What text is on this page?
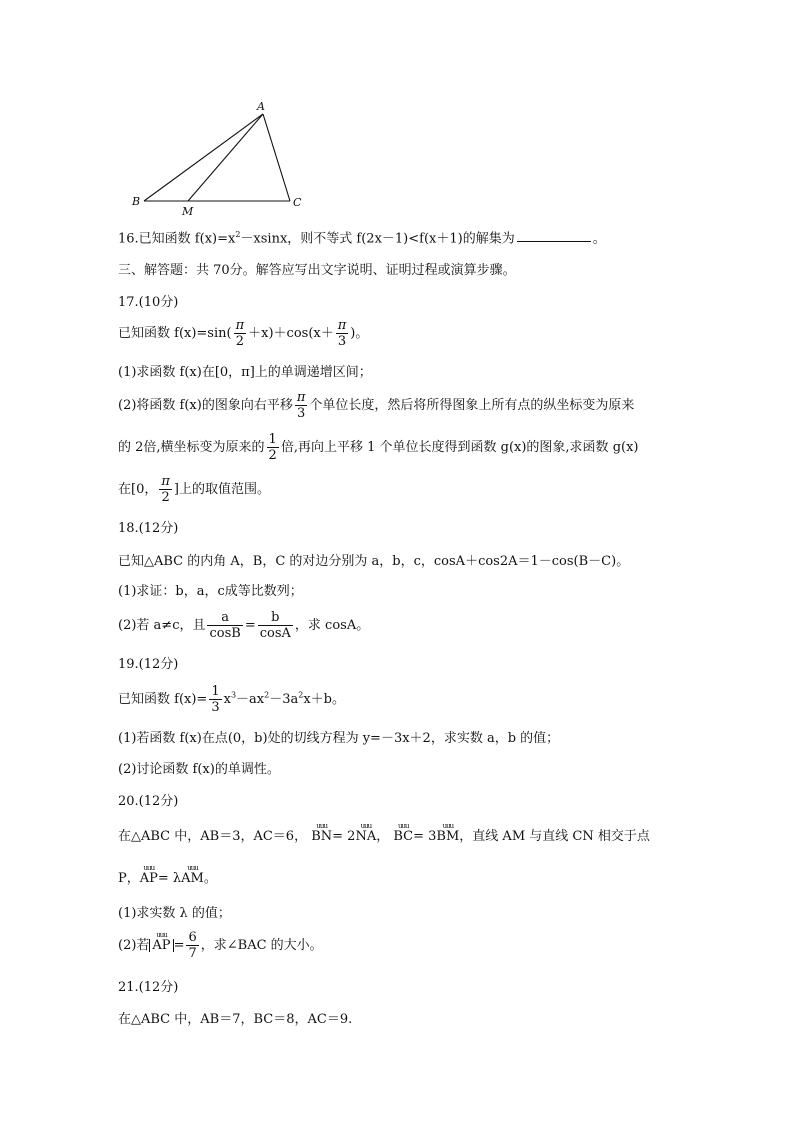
A
B	C
M
16.已知函数 $f(x)=x^2-xsinx$，则不等式 f(2x－1)<f(x＋1)的解集为	。
三、解答题：共 70分。解答应写出文字说明、证明过程或演算步骤。
17.(10分)
已知函数 $f(x)=\sin( \frac{\pi}{2} +x)+\cos(x+ \frac{\pi}{3}$ )。
(1)求函数 f(x)在[0，π]上的单调递增区间；
(2)将函数 f(x)的图象向右平移 $\frac{\pi}{3}$ 个单位长度，然后将所得图象上所有点的纵坐标变为原来
的 2倍,横坐标变为原来的 $\frac{1}{2}$ 倍,再向上平移 1 个单位长度得到函数 g(x)的图象,求函数 g(x)
在[0， $\frac{\pi}{2}$ ]上的取值范围。
18.(12分)
已知△ABC 的内角 A，B，C 的对边分别为 a，b，c，cosA＋cos2A＝1－cos(B－C)。
(1)求证：b，a，c成等比数列；
(2)若 a≠c，且 $\frac{a}{\cos B} = \frac{b}{\cos A}$ ，求 cosA。
19.(12分)
已知函数 $f(x)= \frac{1}{3} x^3-ax^2-3a^2x+b$。
(1)若函数 f(x)在点(0，b)处的切线方程为 y=－3x＋2，求实数 a，b 的值；
(2)讨论函数 f(x)的单调性。
20.(12分)
在△ABC 中，AB＝3，AC＝6，
uuu
BN= 2
uuu
NA，
uuu
BC= 3
uuu
BM，直线 AM 与直线 CN 相交于点
P，
uuu
AP= λ
uuu
AM。
(1)求实数 λ 的值；
(2)若
uuu
AP = $\frac{6}{7}$ ，求∠BAC 的大小。
21.(12分)
在△ABC 中，AB＝7，BC＝8，AC＝9.
